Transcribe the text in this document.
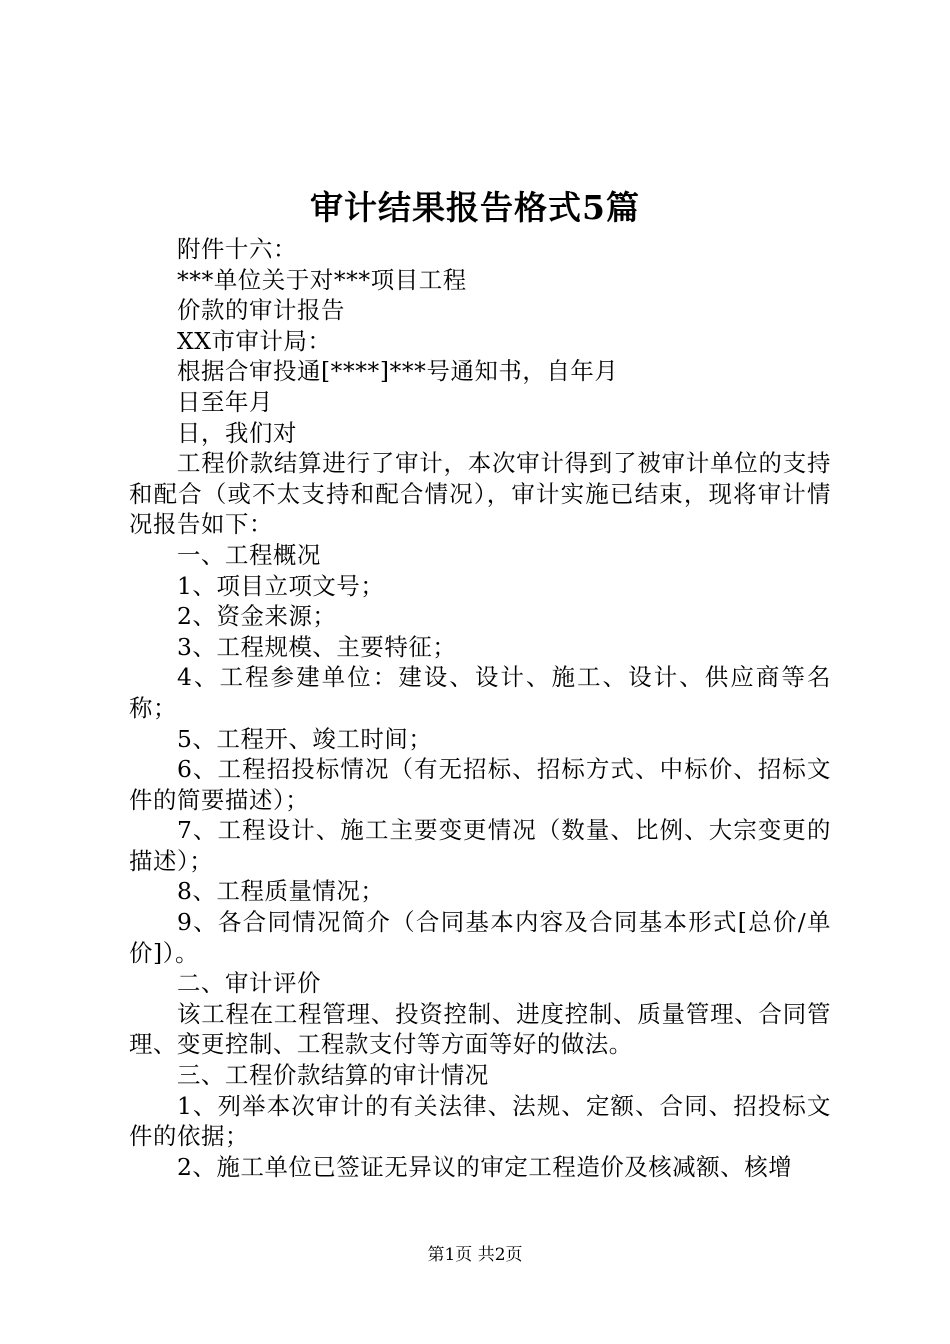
审计结果报告格式5篇

附件十六：

***单位关于对***项目工程

价款的审计报告

XX市审计局：

根据合审投通[****]***号通知书，自年月

日至年月

日，我们对

工程价款结算进行了审计，本次审计得到了被审计单位的支持和配合（或不太支持和配合情况），审计实施已结束，现将审计情况报告如下：

一、工程概况

1、项目立项文号；

2、资金来源；

3、工程规模、主要特征；

4、工程参建单位：建设、设计、施工、设计、供应商等名称；

5、工程开、竣工时间；

6、工程招投标情况（有无招标、招标方式、中标价、招标文件的简要描述）；

7、工程设计、施工主要变更情况（数量、比例、大宗变更的描述）；

8、工程质量情况；

9、各合同情况简介（合同基本内容及合同基本形式[总价/单价]）。

二、审计评价

该工程在工程管理、投资控制、进度控制、质量管理、合同管理、变更控制、工程款支付等方面等好的做法。

三、工程价款结算的审计情况

1、列举本次审计的有关法律、法规、定额、合同、招投标文件的依据；

2、施工单位已签证无异议的审定工程造价及核减额、核增

第1页 共2页
